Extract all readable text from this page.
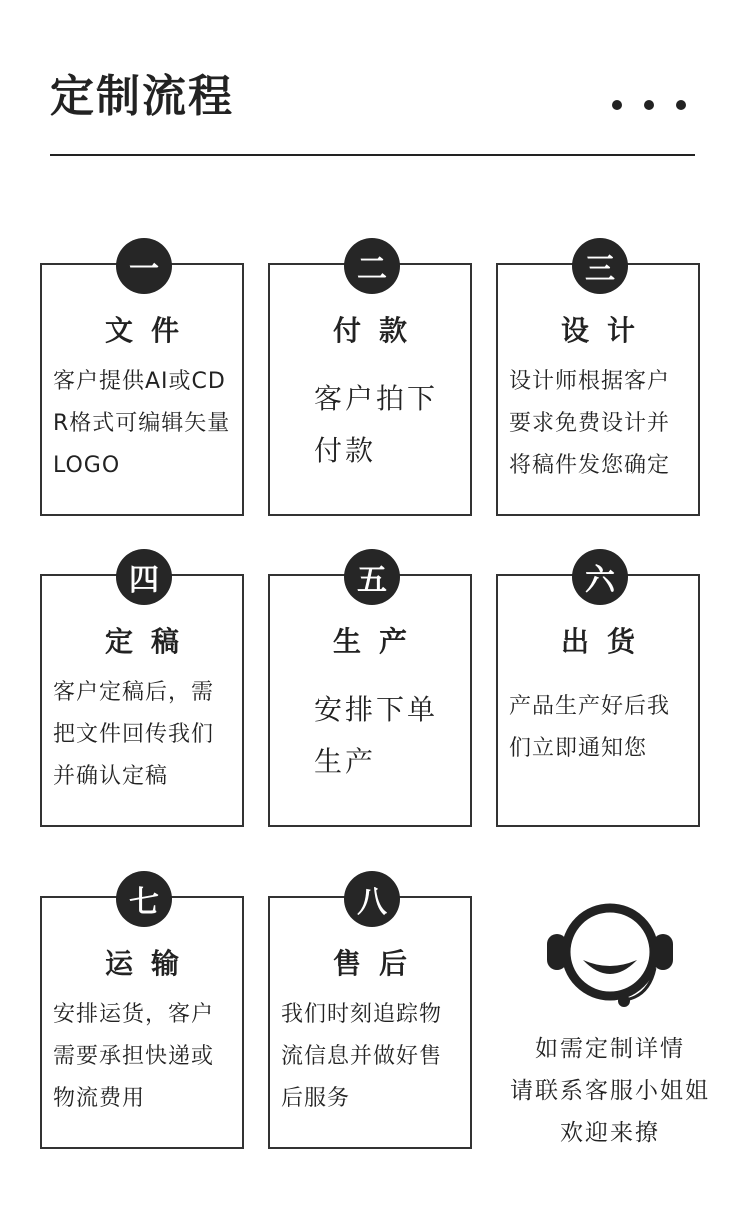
定制流程
一
文件
客户提供AI或CDR格式可编辑矢量LOGO
二
付款
客户拍下付款
三
设计
设计师根据客户要求免费设计并将稿件发您确定
四
定稿
客户定稿后，需把文件回传我们并确认定稿
五
生产
安排下单生产
六
出货
产品生产好后我们立即通知您
七
运输
安排运货，客户需要承担快递或物流费用
八
售后
我们时刻追踪物流信息并做好售后服务
如需定制详情
请联系客服小姐姐
欢迎来撩
